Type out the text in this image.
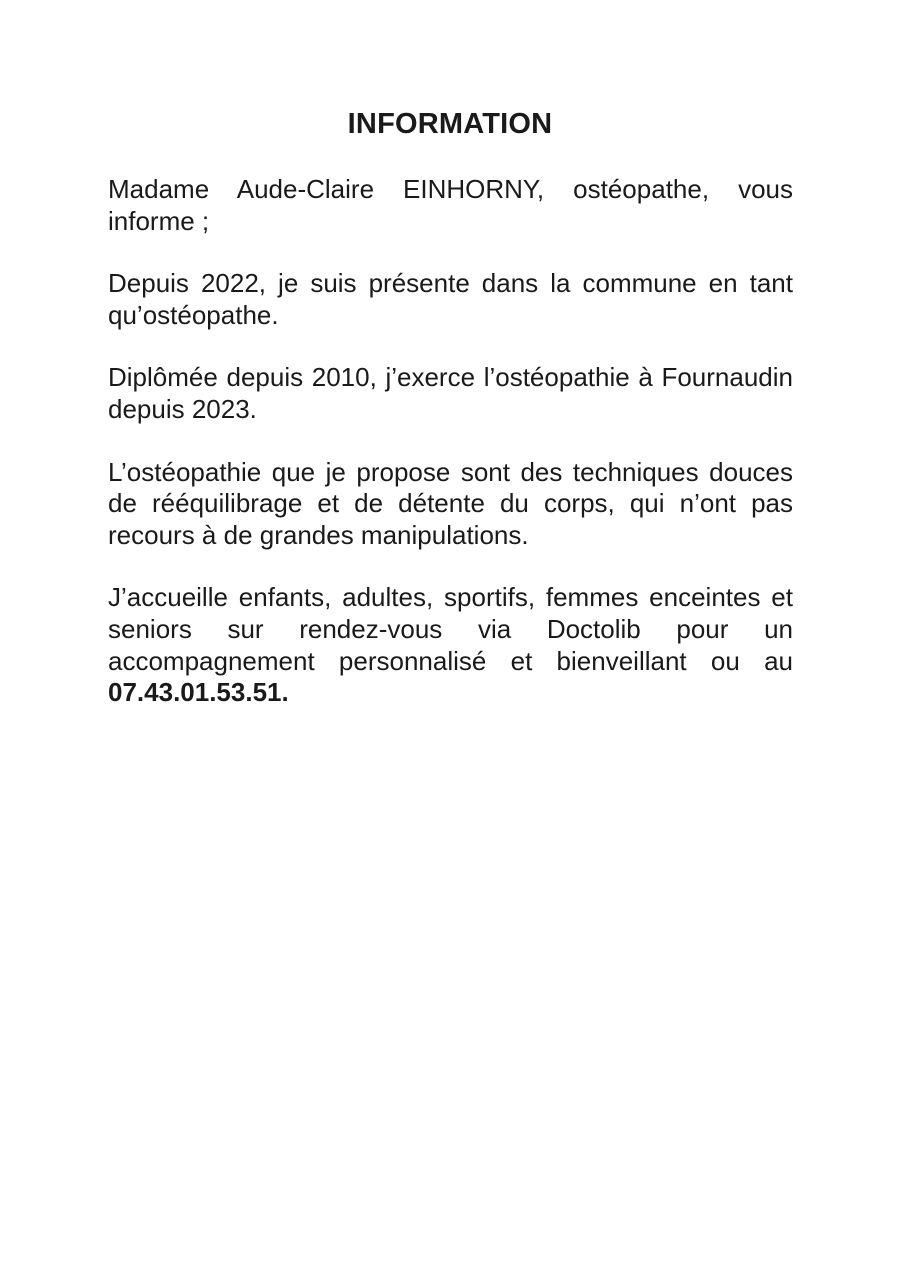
INFORMATION

Madame Aude-Claire EINHORNY, ostéopathe, vous informe ;

Depuis 2022, je suis présente dans la commune en tant qu’ostéopathe.

Diplômée depuis 2010, j’exerce l’ostéopathie à Fournaudin depuis 2023.

L’ostéopathie que je propose sont des techniques douces de rééquilibrage et de détente du corps, qui n’ont pas recours à de grandes manipulations.

J’accueille enfants, adultes, sportifs, femmes enceintes et seniors sur rendez-vous via Doctolib pour un accompagnement personnalisé et bienveillant ou au 07.43.01.53.51.
